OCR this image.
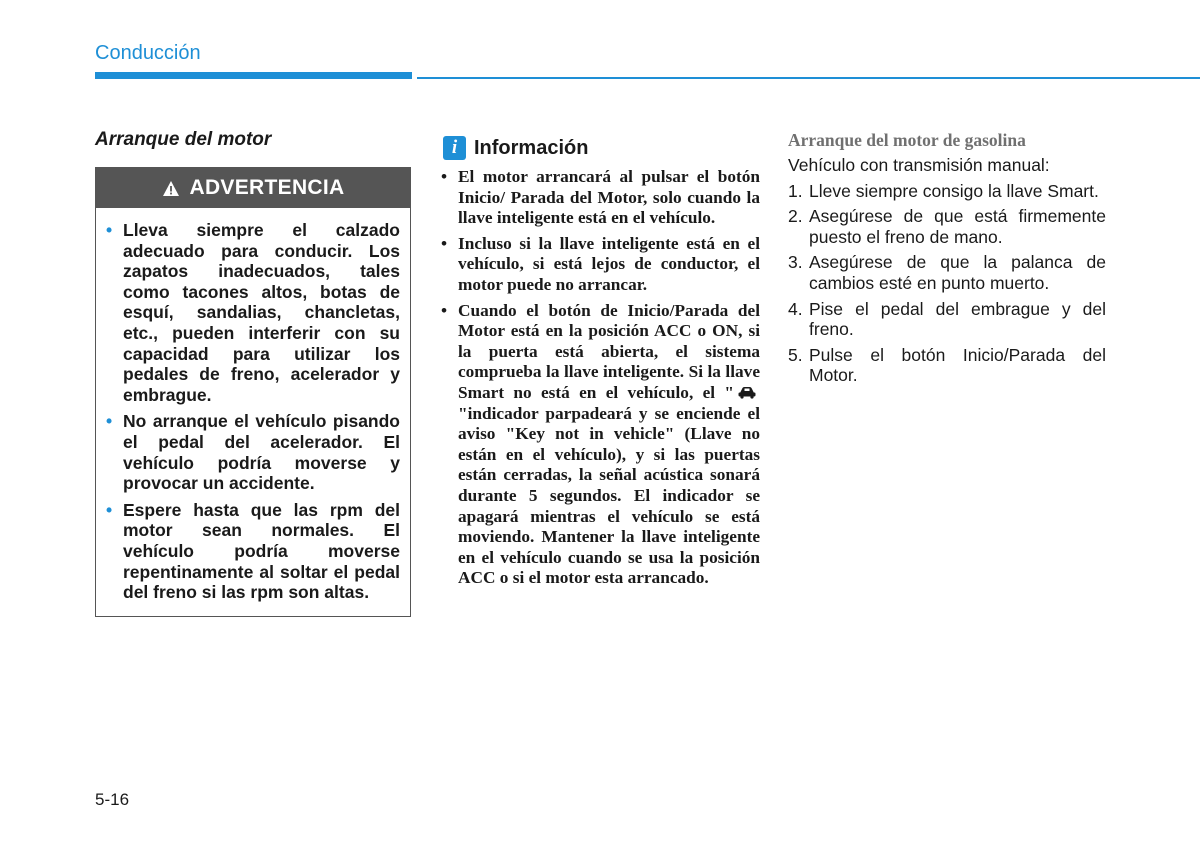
Conducción
Arranque del motor
ADVERTENCIA
• Lleva siempre el calzado adecuado para conducir. Los zapatos inadecuados, tales como tacones altos, botas de esquí, sandalias, chancletas, etc., pueden interferir con su capacidad para utilizar los pedales de freno, acelerador y embrague.
• No arranque el vehículo pisando el pedal del acelerador. El vehículo podría moverse y provocar un accidente.
• Espere hasta que las rpm del motor sean normales. El vehículo podría moverse repentinamente al soltar el pedal del freno si las rpm son altas.
i Información
• El motor arrancará al pulsar el botón Inicio/ Parada del Motor, solo cuando la llave inteligente está en el vehículo.
• Incluso si la llave inteligente está en el vehículo, si está lejos de conductor, el motor puede no arrancar.
• Cuando el botón de Inicio/Parada del Motor está en la posición ACC o ON, si la puerta está abierta, el sistema comprueba la llave inteligente. Si la llave Smart no está en el vehículo, el ""indicador parpadeará y se enciende el aviso "Key not in vehicle" (Llave no están en el vehículo), y si las puertas están cerradas, la señal acústica sonará durante 5 segundos. El indicador se apagará mientras el vehículo se está moviendo. Mantener la llave inteligente en el vehículo cuando se usa la posición ACC o si el motor esta arrancado.
Arranque del motor de gasolina
Vehículo con transmisión manual:
1. Lleve siempre consigo la llave Smart.
2. Asegúrese de que está firmemente puesto el freno de mano.
3. Asegúrese de que la palanca de cambios esté en punto muerto.
4. Pise el pedal del embrague y del freno.
5. Pulse el botón Inicio/Parada del Motor.
5-16
